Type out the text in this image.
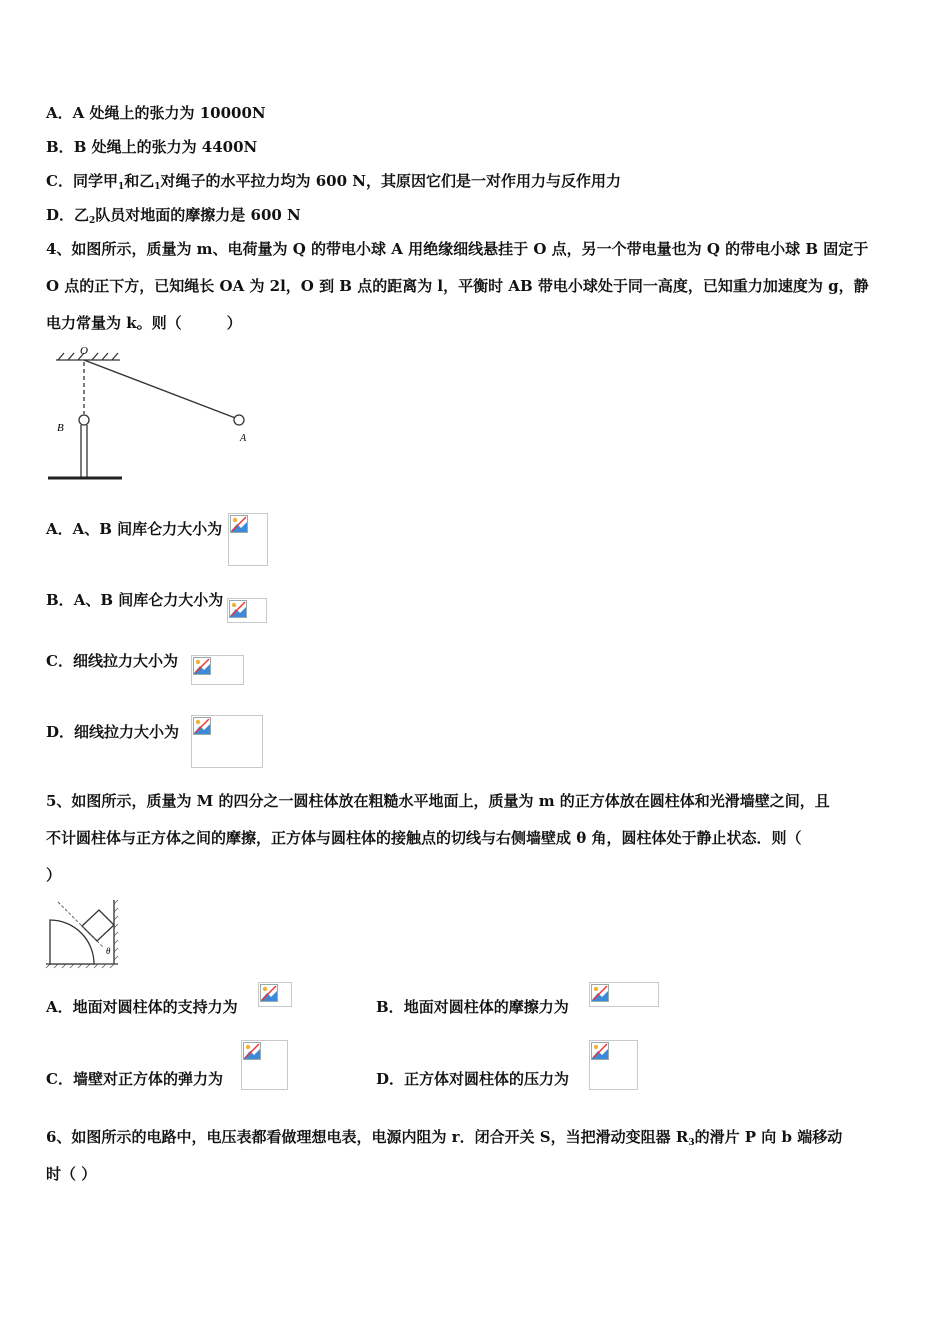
A．A 处绳上的张力为 10000N
B．B 处绳上的张力为 4400N
C．同学甲$_1$和乙$_1$对绳子的水平拉力均为 600 N，其原因它们是一对作用力与反作用力
D．乙$_2$队员对地面的摩擦力是 600 N
4、如图所示，质量为 m、电荷量为 Q 的带电小球 A 用绝缘细线悬挂于 O 点，另一个带电量也为 Q 的带电小球 B 固定于
O 点的正下方，已知绳长 OA 为 2l，O 到 B 点的距离为 l，平衡时 AB 带电小球处于同一高度，已知重力加速度为 g，静
电力常量为 k。则（　　　）
O
B
A
A．A、B 间库仑力大小为
B．A、B 间库仑力大小为
C．细线拉力大小为
D．细线拉力大小为
5、如图所示，质量为 M 的四分之一圆柱体放在粗糙水平地面上，质量为 m 的正方体放在圆柱体和光滑墙壁之间，且
不计圆柱体与正方体之间的摩擦，正方体与圆柱体的接触点的切线与右侧墙壁成 θ 角，圆柱体处于静止状态．则（
）
θ
A．地面对圆柱体的支持力为	B．地面对圆柱体的摩擦力为
C．墙壁对正方体的弹力为	D．正方体对圆柱体的压力为
6、如图所示的电路中，电压表都看做理想电表，电源内阻为 r．闭合开关 S，当把滑动变阻器 $R_3$的滑片 P 向 b 端移动
时（ ）
